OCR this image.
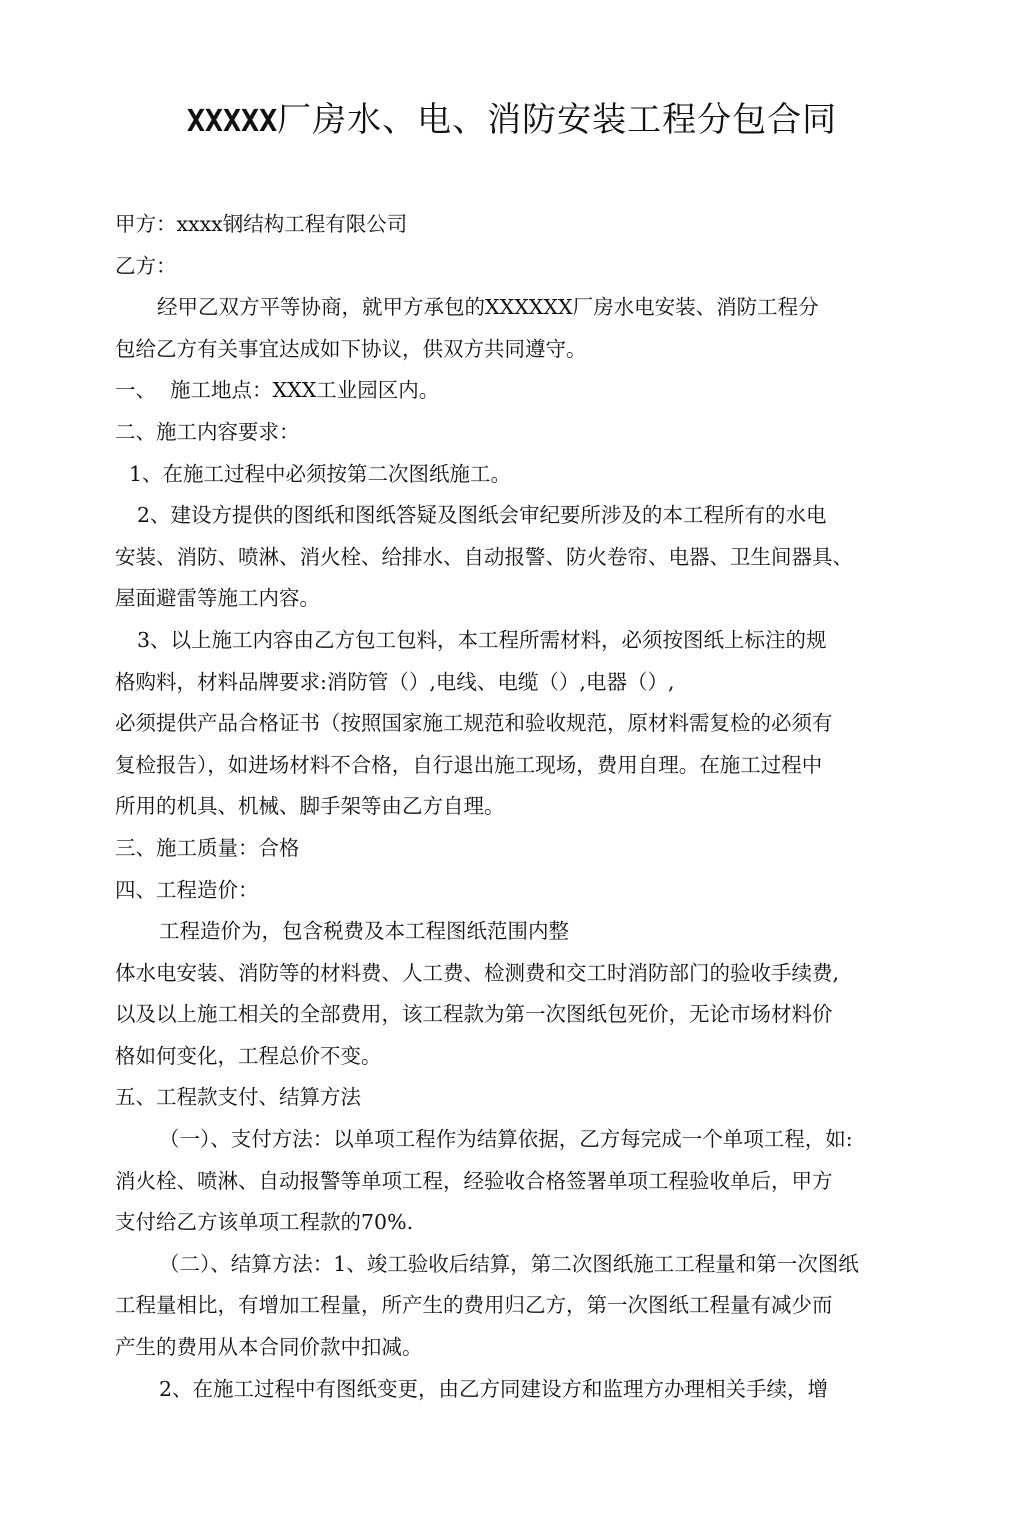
XXXXX厂房水、电、消防安装工程分包合同
甲方：xxxx钢结构工程有限公司
乙方：
经甲乙双方平等协商，就甲方承包的XXXXXX厂房水电安装、消防工程分
包给乙方有关事宜达成如下协议，供双方共同遵守。
一、 施工地点：XXX工业园区内。
二、施工内容要求：
1、在施工过程中必须按第二次图纸施工。
2、建设方提供的图纸和图纸答疑及图纸会审纪要所涉及的本工程所有的水电
安装、消防、喷淋、消火栓、给排水、自动报警、防火卷帘、电器、卫生间器具、
屋面避雷等施工内容。
3、以上施工内容由乙方包工包料，本工程所需材料，必须按图纸上标注的规
格购料，材料品牌要求:消防管（）,电线、电缆（）,电器（）,
必须提供产品合格证书（按照国家施工规范和验收规范，原材料需复检的必须有
复检报告），如进场材料不合格，自行退出施工现场，费用自理。在施工过程中
所用的机具、机械、脚手架等由乙方自理。
三、施工质量：合格
四、工程造价：
工程造价为，包含税费及本工程图纸范围内整
体水电安装、消防等的材料费、人工费、检测费和交工时消防部门的验收手续费,
以及以上施工相关的全部费用，该工程款为第一次图纸包死价，无论市场材料价
格如何变化，工程总价不变。
五、工程款支付、结算方法
（一）、支付方法：以单项工程作为结算依据，乙方每完成一个单项工程，如:
消火栓、喷淋、自动报警等单项工程，经验收合格签署单项工程验收单后，甲方
支付给乙方该单项工程款的70%.
（二）、结算方法：1、竣工验收后结算，第二次图纸施工工程量和第一次图纸
工程量相比，有增加工程量，所产生的费用归乙方，第一次图纸工程量有减少而
产生的费用从本合同价款中扣减。
2、在施工过程中有图纸变更，由乙方同建设方和监理方办理相关手续，增
